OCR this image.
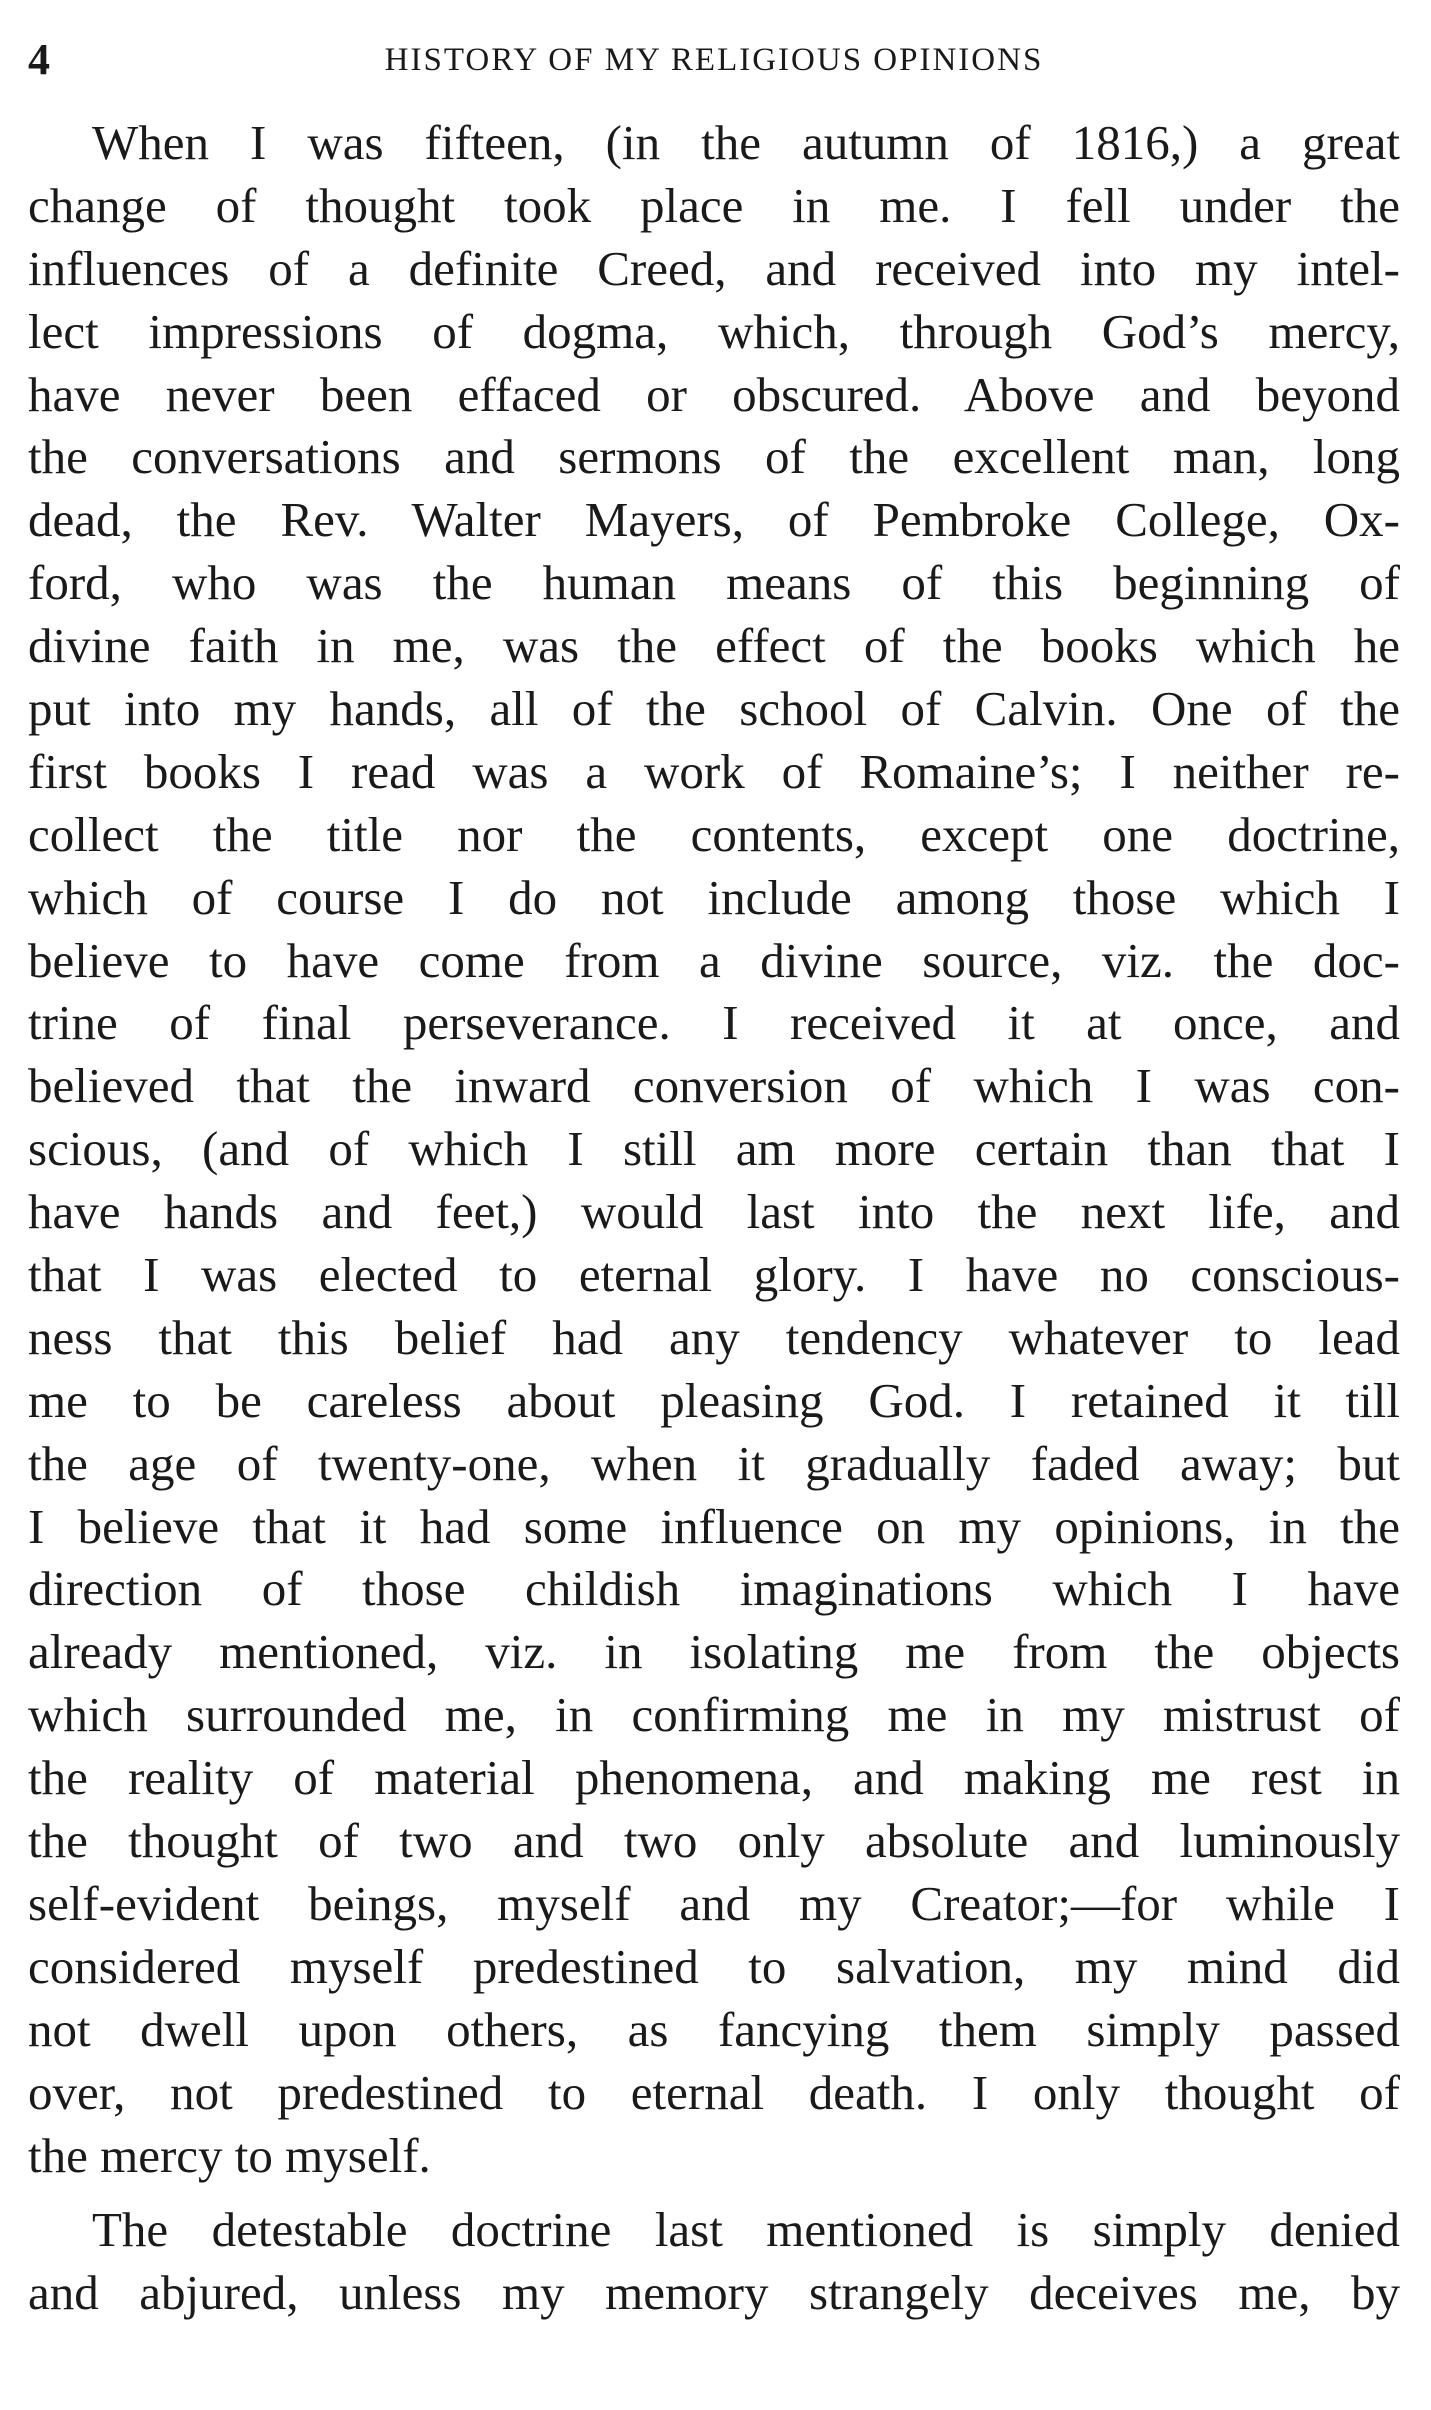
4	HISTORY OF MY RELIGIOUS OPINIONS
When I was fifteen, (in the autumn of 1816,) a great
change of thought took place in me. I fell under the
influences of a definite Creed, and received into my intel-
lect impressions of dogma, which, through God’s mercy,
have never been effaced or obscured. Above and beyond
the conversations and sermons of the excellent man, long
dead, the Rev. Walter Mayers, of Pembroke College, Ox-
ford, who was the human means of this beginning of
divine faith in me, was the effect of the books which he
put into my hands, all of the school of Calvin. One of the
first books I read was a work of Romaine’s; I neither re-
collect the title nor the contents, except one doctrine,
which of course I do not include among those which I
believe to have come from a divine source, viz. the doc-
trine of final perseverance. I received it at once, and
believed that the inward conversion of which I was con-
scious, (and of which I still am more certain than that I
have hands and feet,) would last into the next life, and
that I was elected to eternal glory. I have no conscious-
ness that this belief had any tendency whatever to lead
me to be careless about pleasing God. I retained it till
the age of twenty-one, when it gradually faded away; but
I believe that it had some influence on my opinions, in the
direction of those childish imaginations which I have
already mentioned, viz. in isolating me from the objects
which surrounded me, in confirming me in my mistrust of
the reality of material phenomena, and making me rest in
the thought of two and two only absolute and luminously
self-evident beings, myself and my Creator;—for while I
considered myself predestined to salvation, my mind did
not dwell upon others, as fancying them simply passed
over, not predestined to eternal death. I only thought of
the mercy to myself.
The detestable doctrine last mentioned is simply denied
and abjured, unless my memory strangely deceives me, by
